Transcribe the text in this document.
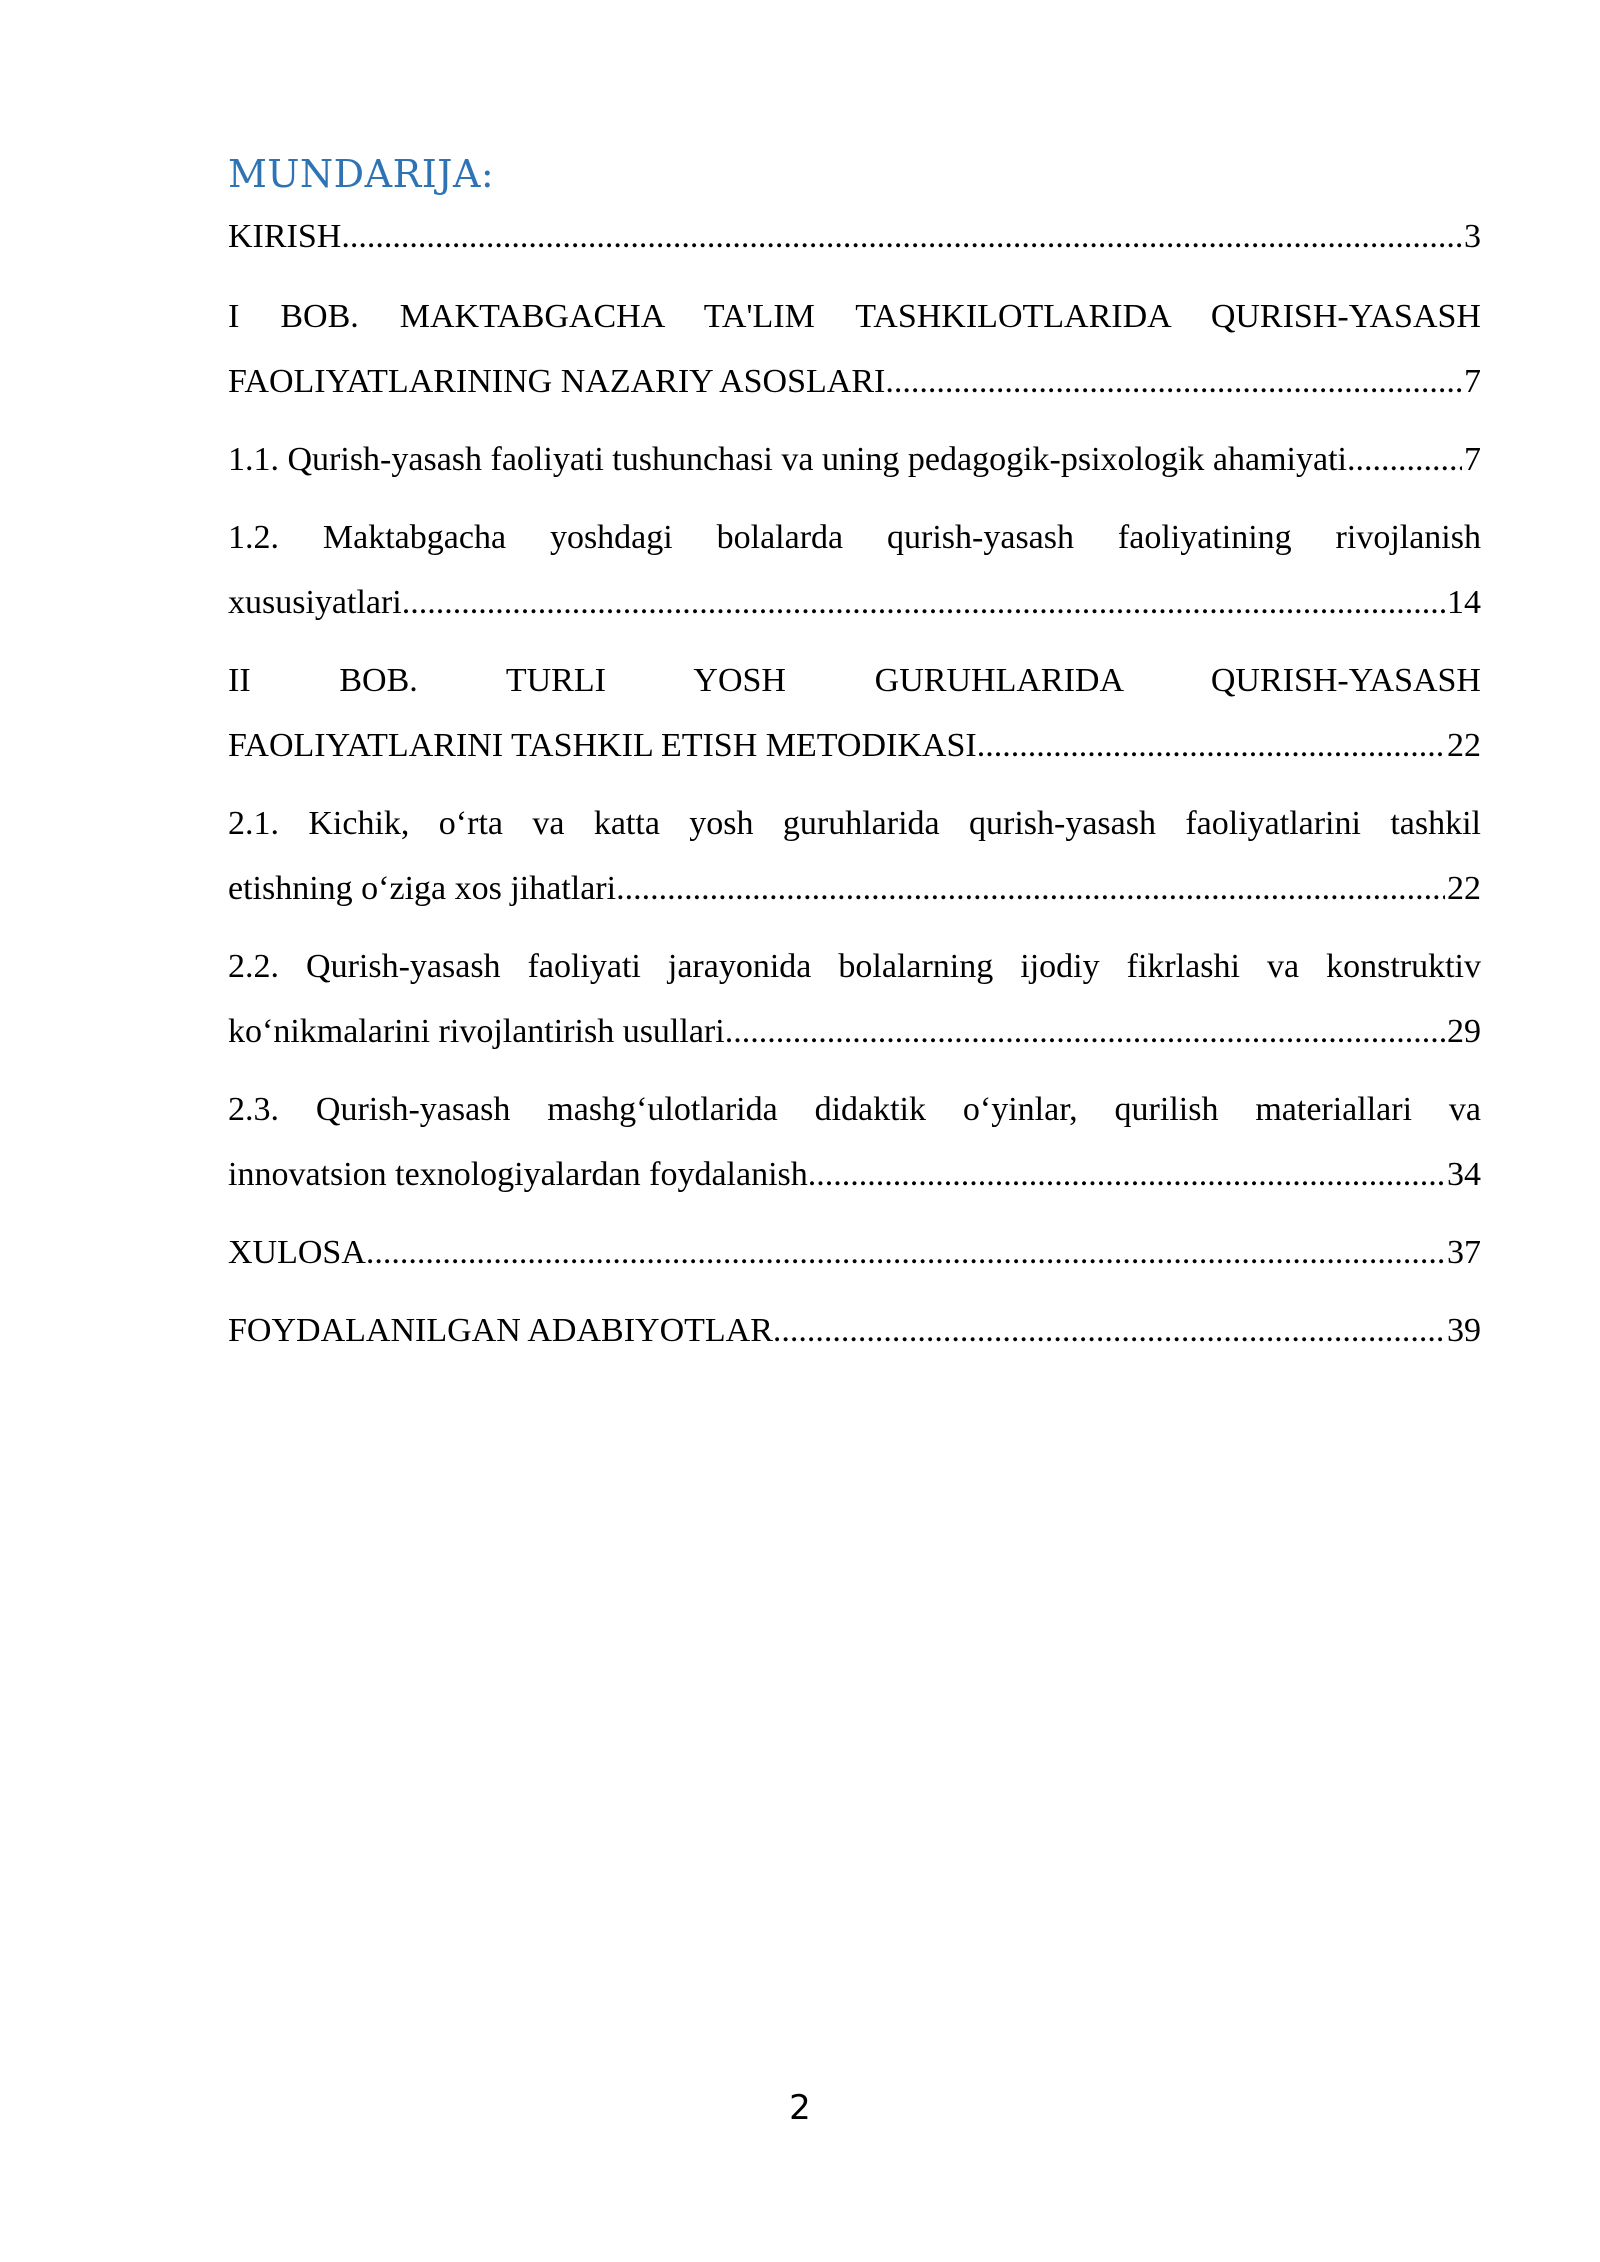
MUNDARIJA:
KIRISH .....	3
I BOB. MAKTABGACHA TA'LIM TASHKILOTLARIDA QURISH-YASASH
FAOLIYATLARINING NAZARIY ASOSLARI .....	7
1.1. Qurish-yasash faoliyati tushunchasi va uning pedagogik-psixologik ahamiyati .....	7
1.2. Maktabgacha yoshdagi bolalarda qurish-yasash faoliyatining rivojlanish
xususiyatlari .....	14
II BOB. TURLI YOSH GURUHLARIDA QURISH-YASASH
FAOLIYATLARINI TASHKIL ETISH METODIKASI .....	22
2.1. Kichik, o‘rta va katta yosh guruhlarida qurish-yasash faoliyatlarini tashkil
etishning o‘ziga xos jihatlari .....	22
2.2. Qurish-yasash faoliyati jarayonida bolalarning ijodiy fikrlashi va konstruktiv
ko‘nikmalarini rivojlantirish usullari .....	29
2.3. Qurish-yasash mashg‘ulotlarida didaktik o‘yinlar, qurilish materiallari va
innovatsion texnologiyalardan foydalanish .....	34
XULOSA .....	37
FOYDALANILGAN ADABIYOTLAR .....	39
2
